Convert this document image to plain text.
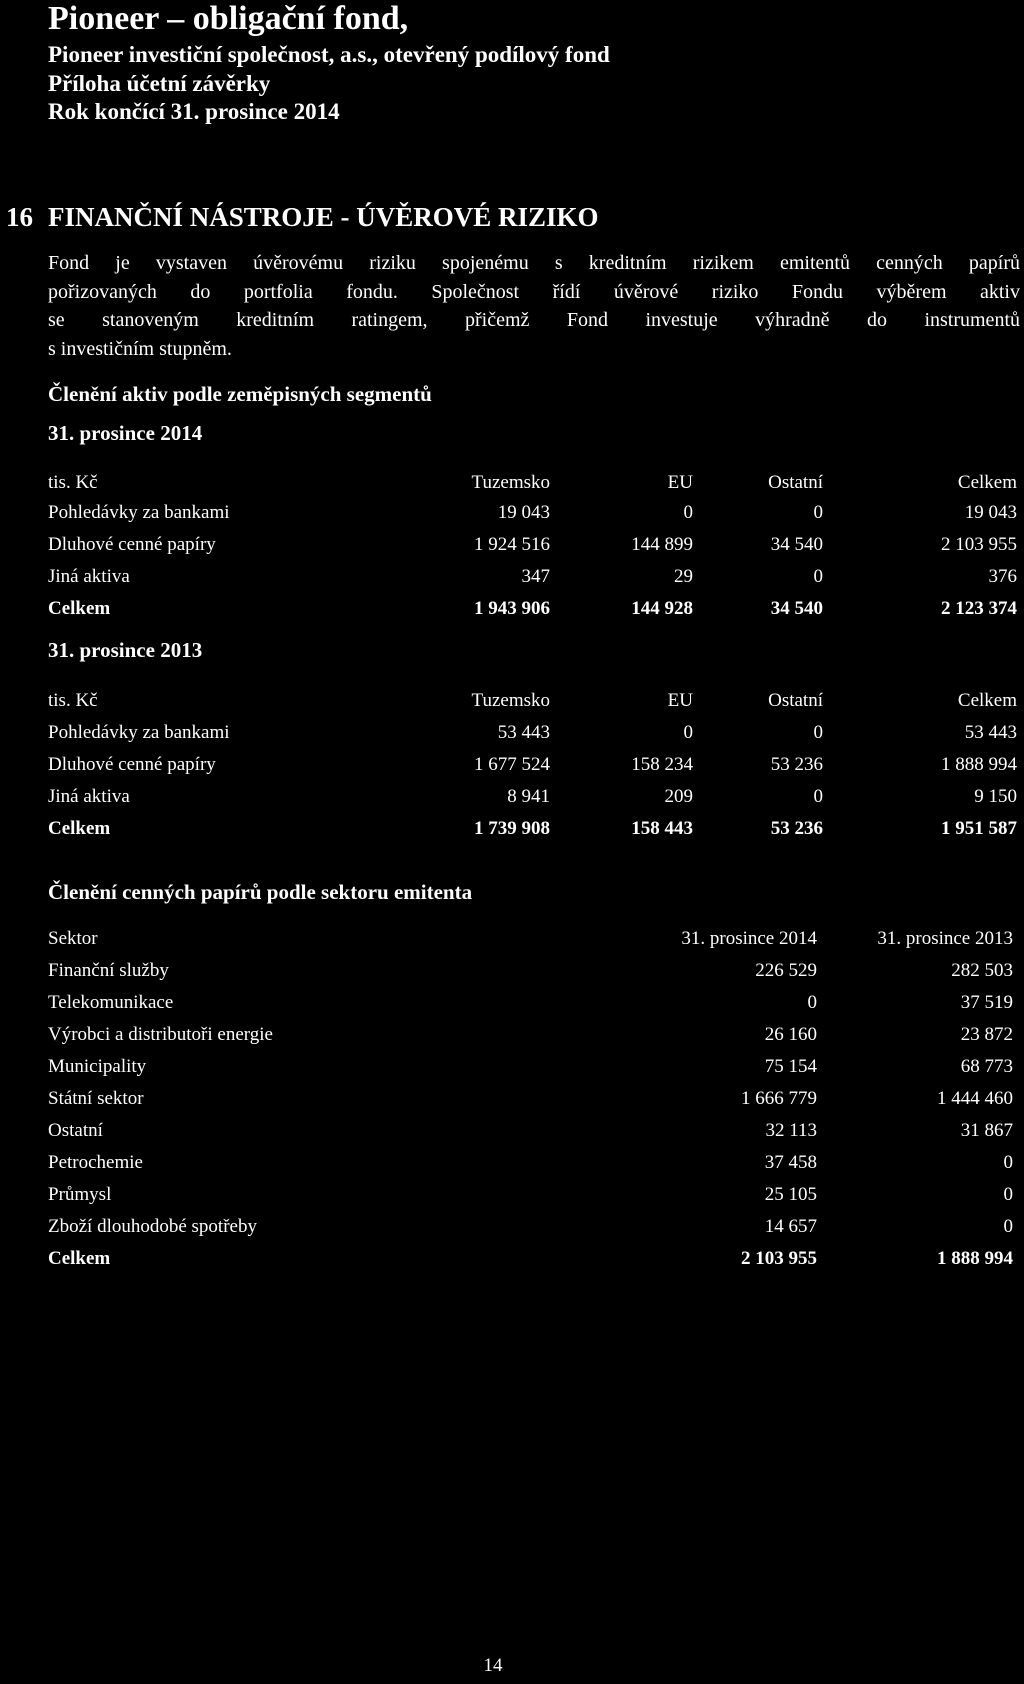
Pioneer – obligační fond,
Pioneer investiční společnost, a.s., otevřený podílový fond
Příloha účetní závěrky
Rok končící 31. prosince 2014
16 FINANČNÍ NÁSTROJE - ÚVĚROVÉ RIZIKO
Fond je vystaven úvěrovému riziku spojenému s kreditním rizikem emitentů cenných papírů
pořizovaných do portfolia fondu. Společnost řídí úvěrové riziko Fondu výběrem aktiv
se stanoveným kreditním ratingem, přičemž Fond investuje výhradně do instrumentů
s investičním stupněm.
Členění aktiv podle zeměpisných segmentů
31. prosince 2014
tis. Kč	Tuzemsko	EU	Ostatní	Celkem
Pohledávky za bankami	19 043	0	0	19 043
Dluhové cenné papíry	1 924 516	144 899	34 540	2 103 955
Jiná aktiva	347	29	0	376
Celkem	1 943 906	144 928	34 540	2 123 374
31. prosince 2013
tis. Kč	Tuzemsko	EU	Ostatní	Celkem
Pohledávky za bankami	53 443	0	0	53 443
Dluhové cenné papíry	1 677 524	158 234	53 236	1 888 994
Jiná aktiva	8 941	209	0	9 150
Celkem	1 739 908	158 443	53 236	1 951 587
Členění cenných papírů podle sektoru emitenta
Sektor	31. prosince 2014	31. prosince 2013
Finanční služby	226 529	282 503
Telekomunikace	0	37 519
Výrobci a distributoři energie	26 160	23 872
Municipality	75 154	68 773
Státní sektor	1 666 779	1 444 460
Ostatní	32 113	31 867
Petrochemie	37 458	0
Průmysl	25 105	0
Zboží dlouhodobé spotřeby	14 657	0
Celkem	2 103 955	1 888 994
14
